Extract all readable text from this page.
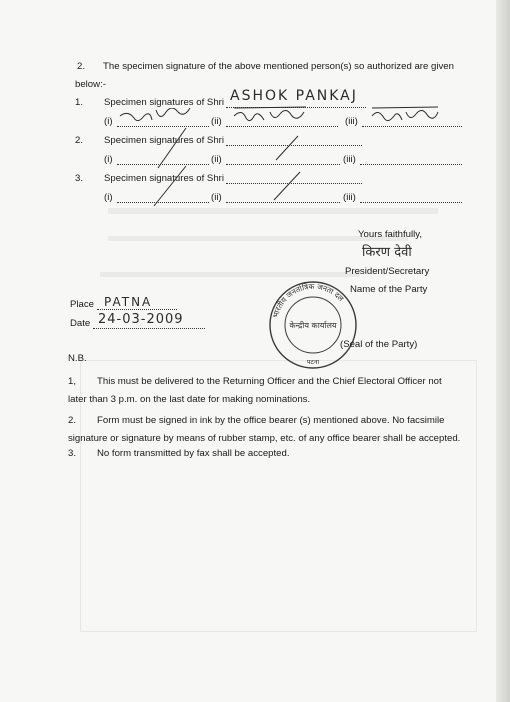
2. The specimen signature of the above mentioned person(s) so authorized are given
below:-
1. Specimen signatures of Shri ASHOK PANKAJ
(i)	(ii)	(iii)
2. Specimen signatures of Shri
(i)	(ii)	(iii)
3. Specimen signatures of Shri
(i)	(ii)	(iii)
Yours faithfully,
किरण देवी
President/Secretary
Name of the Party
Place PATNA
Date 24-03-2009	भारतीय जनतांत्रिक जनता दल
केन्द्रीय कार्यालय
पटना
(Seal of the Party)
N.B.
1, This must be delivered to the Returning Officer and the Chief Electoral Officer not
later than 3 p.m. on the last date for making nominations.
2. Form must be signed in ink by the office bearer (s) mentioned above. No facsimile
signature or signature by means of rubber stamp, etc. of any office bearer shall be accepted.
3. No form transmitted by fax shall be accepted.
